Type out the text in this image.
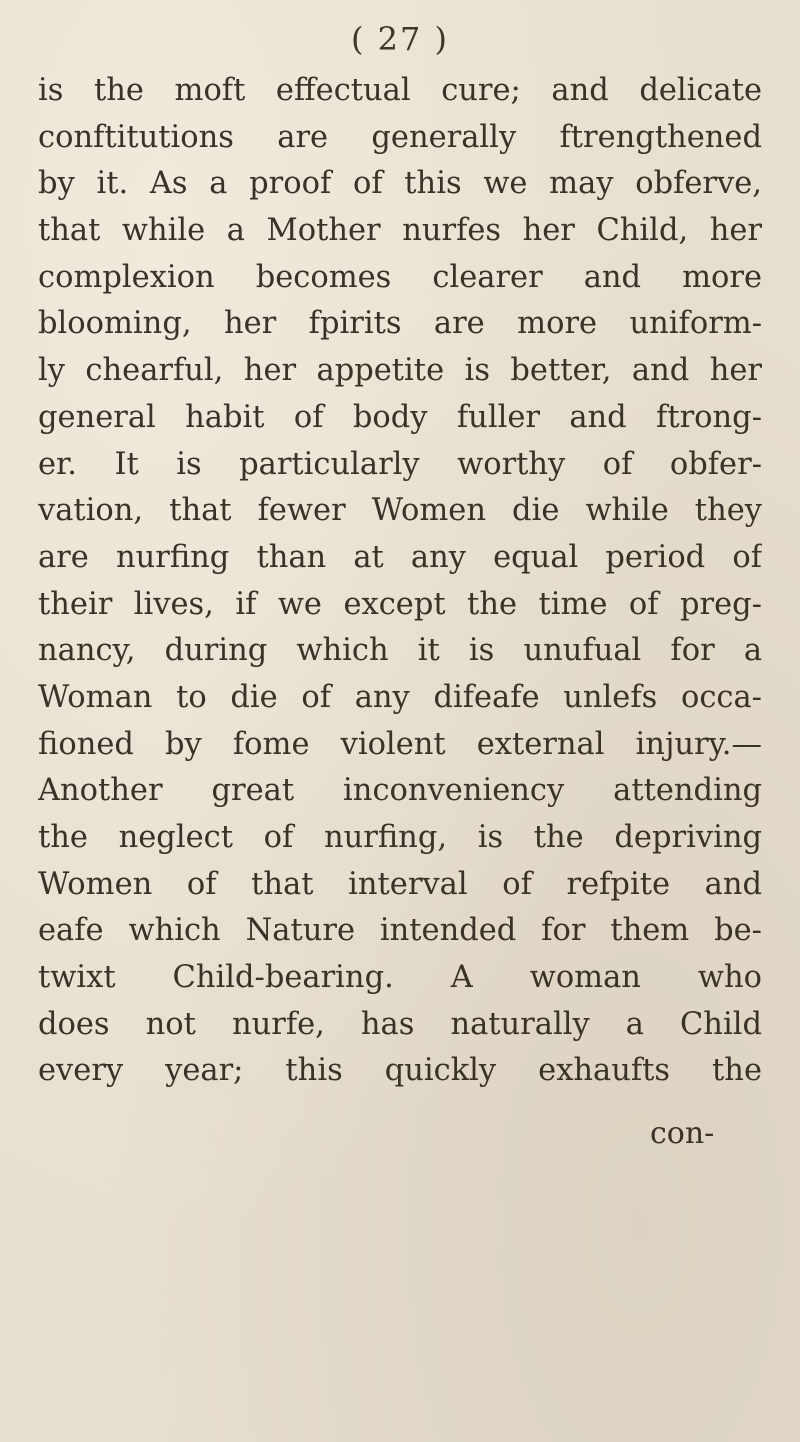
( 27 )
is the moft effectual cure; and delicate
conftitutions are generally ftrengthened
by it. As a proof of this we may obferve,
that while a Mother nurfes her Child, her
complexion becomes clearer and more
blooming, her fpirits are more uniform-
ly chearful, her appetite is better, and her
general habit of body fuller and ftrong-
er. It is particularly worthy of obfer-
vation, that fewer Women die while they
are nurfing than at any equal period of
their lives, if we except the time of preg-
nancy, during which it is unufual for a
Woman to die of any difeafe unlefs occa-
fioned by fome violent external injury.—
Another great inconveniency attending
the neglect of nurfing, is the depriving
Women of that interval of refpite and
eafe which Nature intended for them be-
twixt Child-bearing. A woman who
does not nurfe, has naturally a Child
every year; this quickly exhaufts the
con-
